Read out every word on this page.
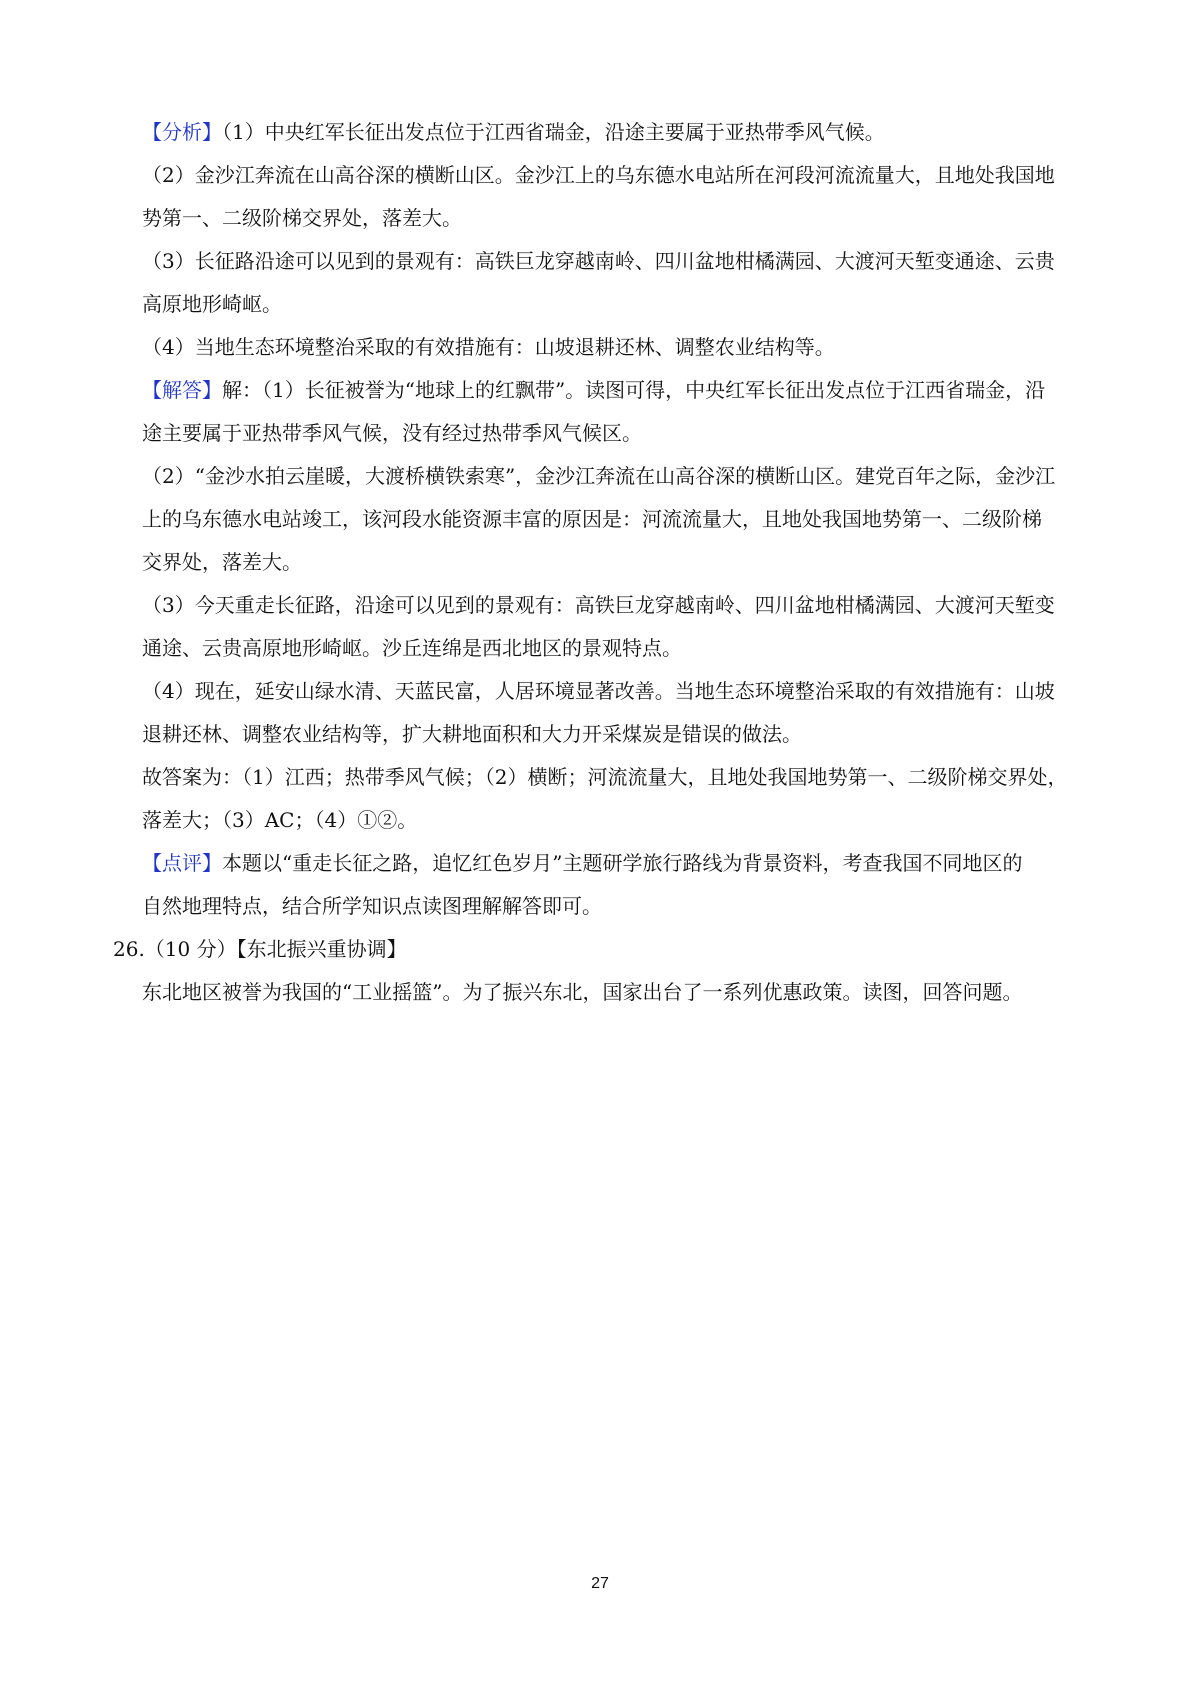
【分析】（1）中央红军长征出发点位于江西省瑞金，沿途主要属于亚热带季风气候。
（2）金沙江奔流在山高谷深的横断山区。金沙江上的乌东德水电站所在河段河流流量大，且地处我国地
势第一、二级阶梯交界处，落差大。
（3）长征路沿途可以见到的景观有：高铁巨龙穿越南岭、四川盆地柑橘满园、大渡河天堑变通途、云贵
高原地形崎岖。
（4）当地生态环境整治采取的有效措施有：山坡退耕还林、调整农业结构等。
【解答】解：（1）长征被誉为“地球上的红飘带”。读图可得，中央红军长征出发点位于江西省瑞金，沿
途主要属于亚热带季风气候，没有经过热带季风气候区。
（2）“金沙水拍云崖暖，大渡桥横铁索寒”，金沙江奔流在山高谷深的横断山区。建党百年之际，金沙江
上的乌东德水电站竣工，该河段水能资源丰富的原因是：河流流量大，且地处我国地势第一、二级阶梯
交界处，落差大。
（3）今天重走长征路，沿途可以见到的景观有：高铁巨龙穿越南岭、四川盆地柑橘满园、大渡河天堑变
通途、云贵高原地形崎岖。沙丘连绵是西北地区的景观特点。
（4）现在，延安山绿水清、天蓝民富，人居环境显著改善。当地生态环境整治采取的有效措施有：山坡
退耕还林、调整农业结构等，扩大耕地面积和大力开采煤炭是错误的做法。
故答案为：（1）江西；热带季风气候；（2）横断；河流流量大，且地处我国地势第一、二级阶梯交界处，
落差大；（3）AC；（4）①②。
【点评】本题以“重走长征之路，追忆红色岁月”主题研学旅行路线为背景资料，考查我国不同地区的
自然地理特点，结合所学知识点读图理解解答即可。
26.（10 分）【东北振兴重协调】
东北地区被誉为我国的“工业摇篮”。为了振兴东北，国家出台了一系列优惠政策。读图，回答问题。
27
